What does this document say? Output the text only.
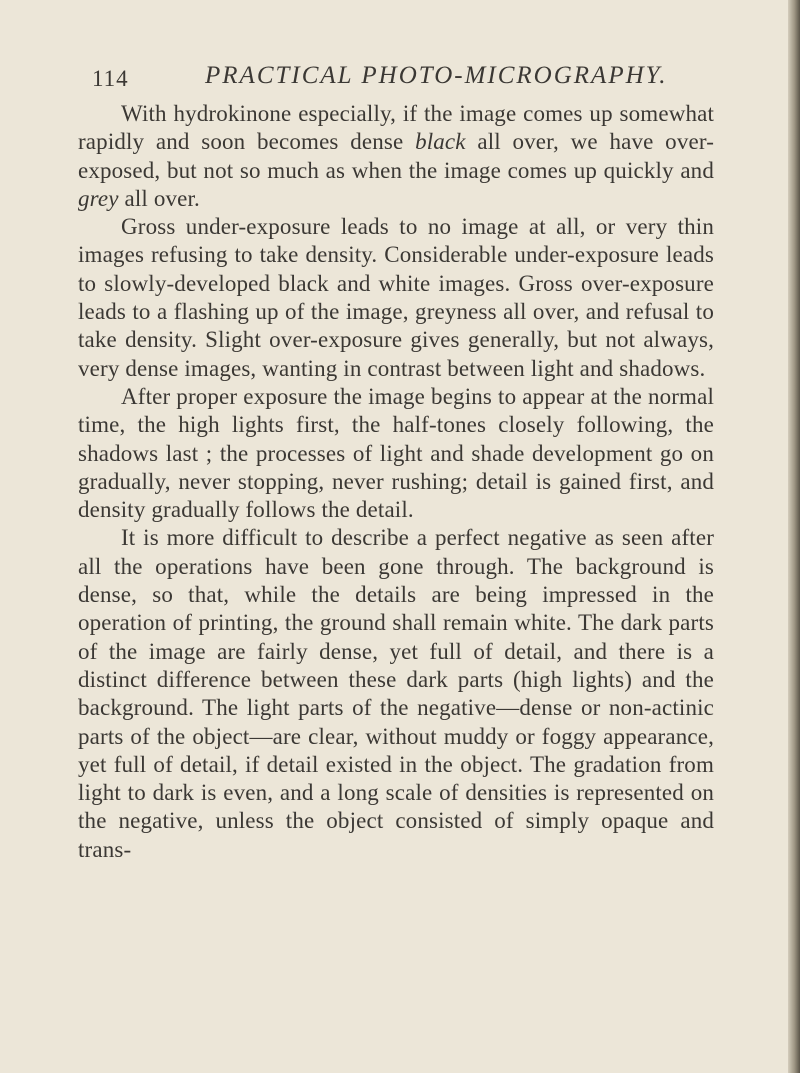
114	PRACTICAL PHOTO-MICROGRAPHY.

With hydrokinone especially, if the image comes up somewhat rapidly and soon becomes dense black all over, we have over-exposed, but not so much as when the image comes up quickly and grey all over.

Gross under-exposure leads to no image at all, or very thin images refusing to take density. Considerable under-exposure leads to slowly-developed black and white images. Gross over-exposure leads to a flashing up of the image, greyness all over, and refusal to take density. Slight over-exposure gives generally, but not always, very dense images, wanting in contrast between light and shadows.

After proper exposure the image begins to appear at the normal time, the high lights first, the half-tones closely following, the shadows last ; the processes of light and shade development go on gradually, never stopping, never rushing; detail is gained first, and density gradually follows the detail.

It is more difficult to describe a perfect negative as seen after all the operations have been gone through. The background is dense, so that, while the details are being impressed in the operation of printing, the ground shall remain white. The dark parts of the image are fairly dense, yet full of detail, and there is a distinct difference between these dark parts (high lights) and the background. The light parts of the negative—dense or non-actinic parts of the object—are clear, without muddy or foggy appearance, yet full of detail, if detail existed in the object. The gradation from light to dark is even, and a long scale of densities is represented on the negative, unless the object consisted of simply opaque and trans-
